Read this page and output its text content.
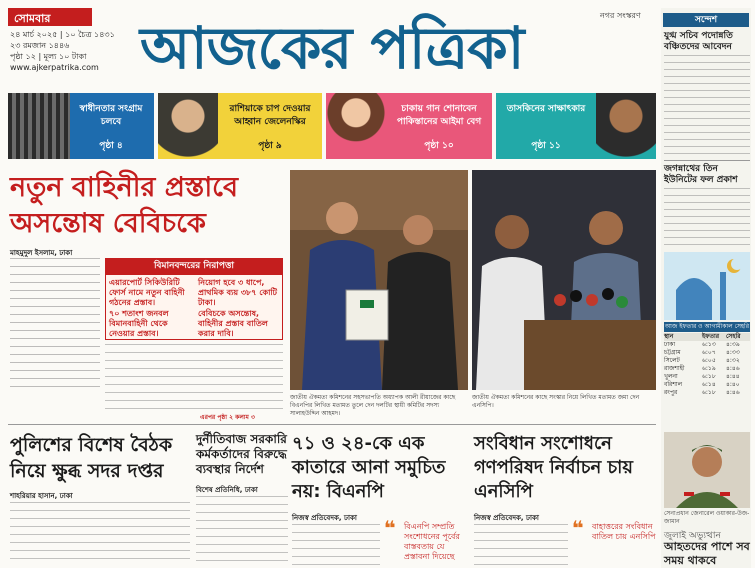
সোমবার
২৪ মার্চ ২০২৫ | ১০ চৈত্র ১৪৩১
২৩ রমজান ১৪৪৬
পৃষ্ঠা ১২ | মূল্য ১০ টাকা
www.ajkerpatrika.com আজকের পত্রিকা	নগর সংস্করণ
স্বাধীনতার সংগ্রাম চলবে
পৃষ্ঠা ৪
রাশিয়াকে চাপ দেওয়ার আহ্বান জেলেনস্কির
পৃষ্ঠা ৯
চাকায় গান শোনাবেন পাকিস্তানের আইমা বেগ
পৃষ্ঠা ১০
তাসকিনের সাক্ষাৎকার
পৃষ্ঠা ১১
নতুন বাহিনীর প্রস্তাবে অসন্তোষ বেবিচকে
মাহমুদুল ইসলাম, ঢাকা
বিমানবন্দরের নিরাপত্তা
এয়ারপোর্ট সিকিউরিটি ফোর্স নামে নতুন বাহিনী গঠনের প্রস্তাব।
৭০ শতাংশ জনবল বিমানবাহিনী থেকে নেওয়ার প্রস্তাব।
নিয়োগ হবে ৩ ধাপে, প্রাথমিক ব্যয় ৩৮৭ কোটি টাকা।
বেবিচকে অসন্তোষ, বাহিনীর প্রস্তাব বাতিল করার দাবি।
এরপর পৃষ্ঠা ২ কলাম ৩
জাতীয় ঐকমত্য কমিশনের সহসভাপতি অধ্যাপক আলী রীয়াজের কাছে বিএনপির লিখিত মতামত তুলে দেন দলটির স্থায়ী কমিটির সদস্য সালাহউদ্দিন আহমদ।
জাতীয় ঐকমত্য কমিশনের কাছে সংস্কার নিয়ে লিখিত মতামত জমা দেন এনসিপি।
পুলিশের বিশেষ বৈঠক নিয়ে ক্ষুব্ধ সদর দপ্তর
শাহরিয়ার হাসান, ঢাকা
দুর্নীতিবাজ সরকারি কর্মকর্তাদের বিরুদ্ধে ব্যবস্থার নির্দেশ
বিশেষ প্রতিনিধি, ঢাকা
৭১ ও ২৪-কে এক কাতারে আনা সমুচিত নয়: বিএনপি
নিজস্ব প্রতিবেদক, ঢাকা ❝ বিএনপি সম্প্রতি সংশোধনের পূর্বের বাস্তবতায় যে প্রস্তাবনা দিয়েছে
সংবিধান সংশোধনে গণপরিষদ নির্বাচন চায় এনসিপি
নিজস্ব প্রতিবেদক, ঢাকা ❝ বাহাত্তরের সংবিধান বাতিল চায় এনসিপি
সন্দেশ
যুগ্ম সচিব পদোন্নতি বঞ্চিতদের আবেদন
জগন্নাথের তিন ইউনিটের ফল প্রকাশ
আজ ইফতার ও আগামীকাল সেহরি
স্থান	ইফতার	সেহরি
ঢাকা	৬:১৩	৪:৩৯
চট্টগ্রাম	৬:০৭	৪:৩৩
সিলেট	৬:০৫	৪:৩২
রাজশাহী	৬:১৯	৪:৪৬
খুলনা	৬:১৮	৪:৪৪
বরিশাল	৬:১৪	৪:৪০
রংপুর	৬:১৮	৪:৪৬
সেনাপ্রধান জেনারেল ওয়াকার-উজ-জামান
জুলাই অভ্যুত্থান
আহতদের পাশে সব সময় থাকবে
